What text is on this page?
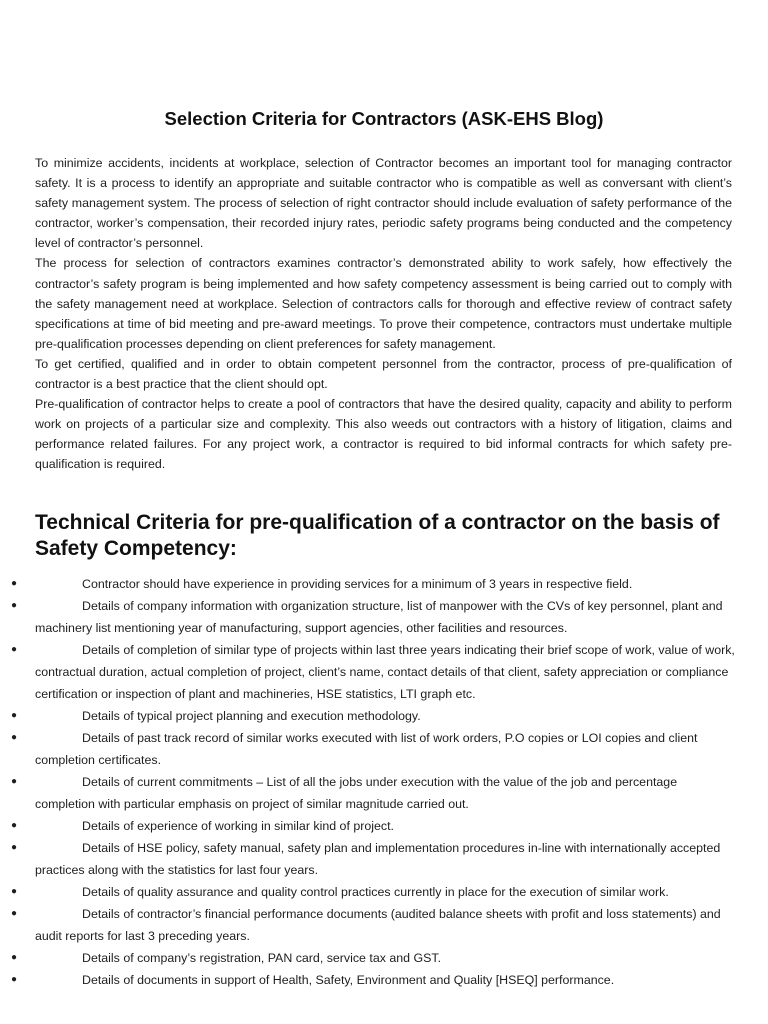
Selection Criteria for Contractors (ASK-EHS Blog)

To minimize accidents, incidents at workplace, selection of Contractor becomes an important tool for managing contractor safety. It is a process to identify an appropriate and suitable contractor who is compatible as well as conversant with client’s safety management system. The process of selection of right contractor should include evaluation of safety performance of the contractor, worker’s compensation, their recorded injury rates, periodic safety programs being conducted and the competency level of contractor’s personnel.

The process for selection of contractors examines contractor’s demonstrated ability to work safely, how effectively the contractor’s safety program is being implemented and how safety competency assessment is being carried out to comply with the safety management need at workplace. Selection of contractors calls for thorough and effective review of contract safety specifications at time of bid meeting and pre-award meetings. To prove their competence, contractors must undertake multiple pre-qualification processes depending on client preferences for safety management.

To get certified, qualified and in order to obtain competent personnel from the contractor, process of pre-qualification of contractor is a best practice that the client should opt.

Pre-qualification of contractor helps to create a pool of contractors that have the desired quality, capacity and ability to perform work on projects of a particular size and complexity. This also weeds out contractors with a history of litigation, claims and performance related failures. For any project work, a contractor is required to bid informal contracts for which safety pre-qualification is required.

Technical Criteria for pre-qualification of a contractor on the basis of Safety Competency:
●	Contractor should have experience in providing services for a minimum of 3 years in respective field.
●	Details of company information with organization structure, list of manpower with the CVs of key personnel, plant and machinery list mentioning year of manufacturing, support agencies, other facilities and resources.
●	Details of completion of similar type of projects within last three years indicating their brief scope of work, value of work, contractual duration, actual completion of project, client’s name, contact details of that client, safety appreciation or compliance certification or inspection of plant and machineries, HSE statistics, LTI graph etc.
●	Details of typical project planning and execution methodology.
●	Details of past track record of similar works executed with list of work orders, P.O copies or LOI copies and client completion certificates.
●	Details of current commitments – List of all the jobs under execution with the value of the job and percentage completion with particular emphasis on project of similar magnitude carried out.
●	Details of experience of working in similar kind of project.
●	Details of HSE policy, safety manual, safety plan and implementation procedures in-line with internationally accepted practices along with the statistics for last four years.
●	Details of quality assurance and quality control practices currently in place for the execution of similar work.
●	Details of contractor’s financial performance documents (audited balance sheets with profit and loss statements) and audit reports for last 3 preceding years.
●	Details of company’s registration, PAN card, service tax and GST.
●	Details of documents in support of Health, Safety, Environment and Quality [HSEQ] performance.
